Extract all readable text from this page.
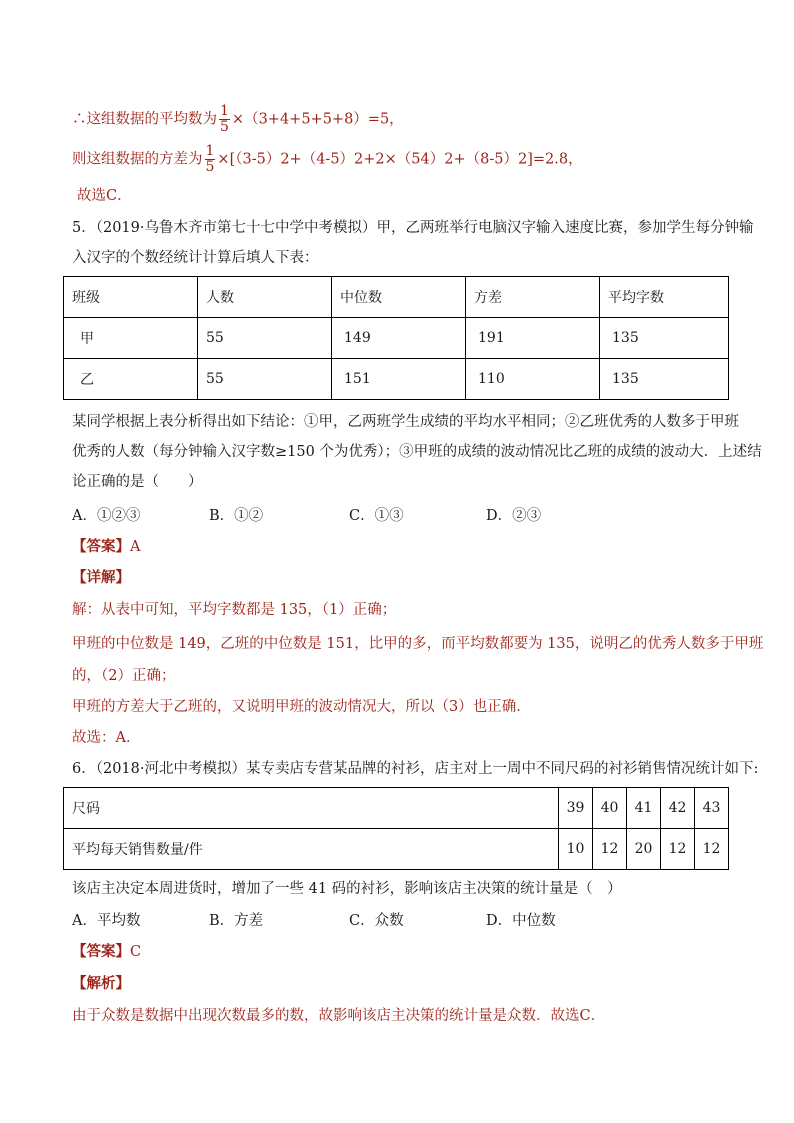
∴这组数据的平均数为 $\frac{1}{5} \times(3+4+5+5+8)=5$，
则这组数据的方差为 $\frac{1}{5} \times[(3-5)2+(4-5)2+2\times(54)2+(8-5)2]=2.8$，
故选C．
5．（2019·乌鲁木齐市第七十七中学中考模拟）甲，乙两班举行电脑汉字输入速度比赛，参加学生每分钟输
入汉字的个数经统计计算后填人下表：
班级	人数	中位数	方差	平均字数
甲	55	149	191	135
乙	55	151	110	135
某同学根据上表分析得出如下结论：①甲，乙两班学生成绩的平均水平相同；②乙班优秀的人数多于甲班
优秀的人数（每分钟输入汉字数≥150 个为优秀）；③甲班的成绩的波动情况比乙班的成绩的波动大．上述结
论正确的是（　　）
A．①②③	B．①②	C．①③	D．②③
【答案】A
【详解】
解：从表中可知，平均字数都是 135，（1）正确；
甲班的中位数是 149，乙班的中位数是 151，比甲的多，而平均数都要为 135，说明乙的优秀人数多于甲班
的，（2）正确；
甲班的方差大于乙班的，又说明甲班的波动情况大，所以（3）也正确．
故选：A．
6．（2018·河北中考模拟）某专卖店专营某品牌的衬衫，店主对上一周中不同尺码的衬衫销售情况统计如下:
尺码	39	40	41	42	43
平均每天销售数量/件	10	12	20	12	12
该店主决定本周进货时，增加了一些 41 码的衬衫，影响该店主决策的统计量是（　）
A．平均数	B．方差	C．众数	D．中位数
【答案】C
【解析】
由于众数是数据中出现次数最多的数，故影响该店主决策的统计量是众数．故选C．
